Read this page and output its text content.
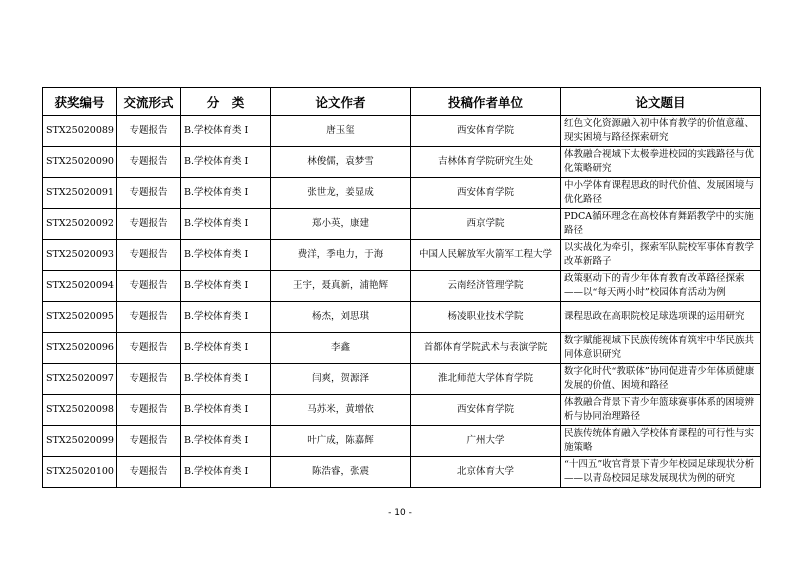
获奖编号	交流形式	分　类	论文作者	投稿作者单位	论文题目
STX25020089	专题报告	B.学校体育类 I	唐玉玺	西安体育学院	红色文化资源融入初中体育教学的价值意蕴、现实困境与路径探索研究
STX25020090	专题报告	B.学校体育类 I	林俊儒，袁梦雪	吉林体育学院研究生处	体教融合视域下太极拳进校园的实践路径与优化策略研究
STX25020091	专题报告	B.学校体育类 I	张世龙，姜显成	西安体育学院	中小学体育课程思政的时代价值、发展困境与优化路径
STX25020092	专题报告	B.学校体育类 I	郑小英，康建	西京学院	PDCA循环理念在高校体育舞蹈教学中的实施路径
STX25020093	专题报告	B.学校体育类 I	费洋，季电力，于海	中国人民解放军火箭军工程大学	以实战化为牵引，探索军队院校军事体育教学改革新路子
STX25020094	专题报告	B.学校体育类 I	王宇，聂真新，浦艳辉	云南经济管理学院	政策驱动下的青少年体育教育改革路径探索——以“每天两小时”校园体育活动为例
STX25020095	专题报告	B.学校体育类 I	杨杰，刘思琪	杨凌职业技术学院	课程思政在高职院校足球选项课的运用研究
STX25020096	专题报告	B.学校体育类 I	李鑫	首都体育学院武术与表演学院	数字赋能视域下民族传统体育筑牢中华民族共同体意识研究
STX25020097	专题报告	B.学校体育类 I	闫爽，贺源泽	淮北师范大学体育学院	数字化时代“教联体”协同促进青少年体质健康发展的价值、困境和路径
STX25020098	专题报告	B.学校体育类 I	马苏米，黄增依	西安体育学院	体教融合背景下青少年篮球赛事体系的困境辨析与协同治理路径
STX25020099	专题报告	B.学校体育类 I	叶广成，陈嘉辉	广州大学	民族传统体育融入学校体育课程的可行性与实施策略
STX25020100	专题报告	B.学校体育类 I	陈浩睿，张震	北京体育大学	“十四五”收官背景下青少年校园足球现状分析——以青岛校园足球发展现状为例的研究
- 10 -
